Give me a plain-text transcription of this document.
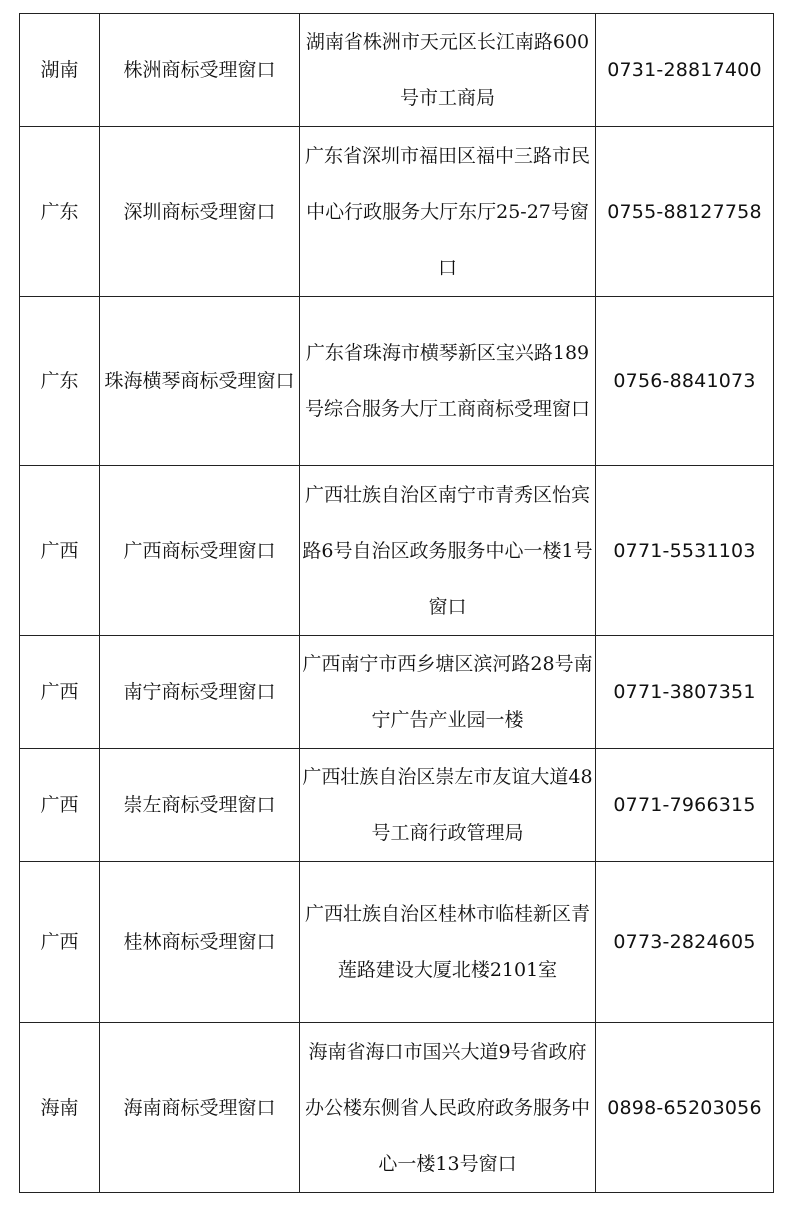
湖南	株洲商标受理窗口	湖南省株洲市天元区长江南路600号市工商局	0731-28817400
广东	深圳商标受理窗口	广东省深圳市福田区福中三路市民中心行政服务大厅东厅25-27号窗口	0755-88127758
广东	珠海横琴商标受理窗口	广东省珠海市横琴新区宝兴路189号综合服务大厅工商商标受理窗口	0756-8841073
广西	广西商标受理窗口	广西壮族自治区南宁市青秀区怡宾路6号自治区政务服务中心一楼1号窗口	0771-5531103
广西	南宁商标受理窗口	广西南宁市西乡塘区滨河路28号南宁广告产业园一楼	0771-3807351
广西	崇左商标受理窗口	广西壮族自治区崇左市友谊大道48号工商行政管理局	0771-7966315
广西	桂林商标受理窗口	广西壮族自治区桂林市临桂新区青莲路建设大厦北楼2101室	0773-2824605
海南	海南商标受理窗口	海南省海口市国兴大道9号省政府办公楼东侧省人民政府政务服务中心一楼13号窗口	0898-65203056
